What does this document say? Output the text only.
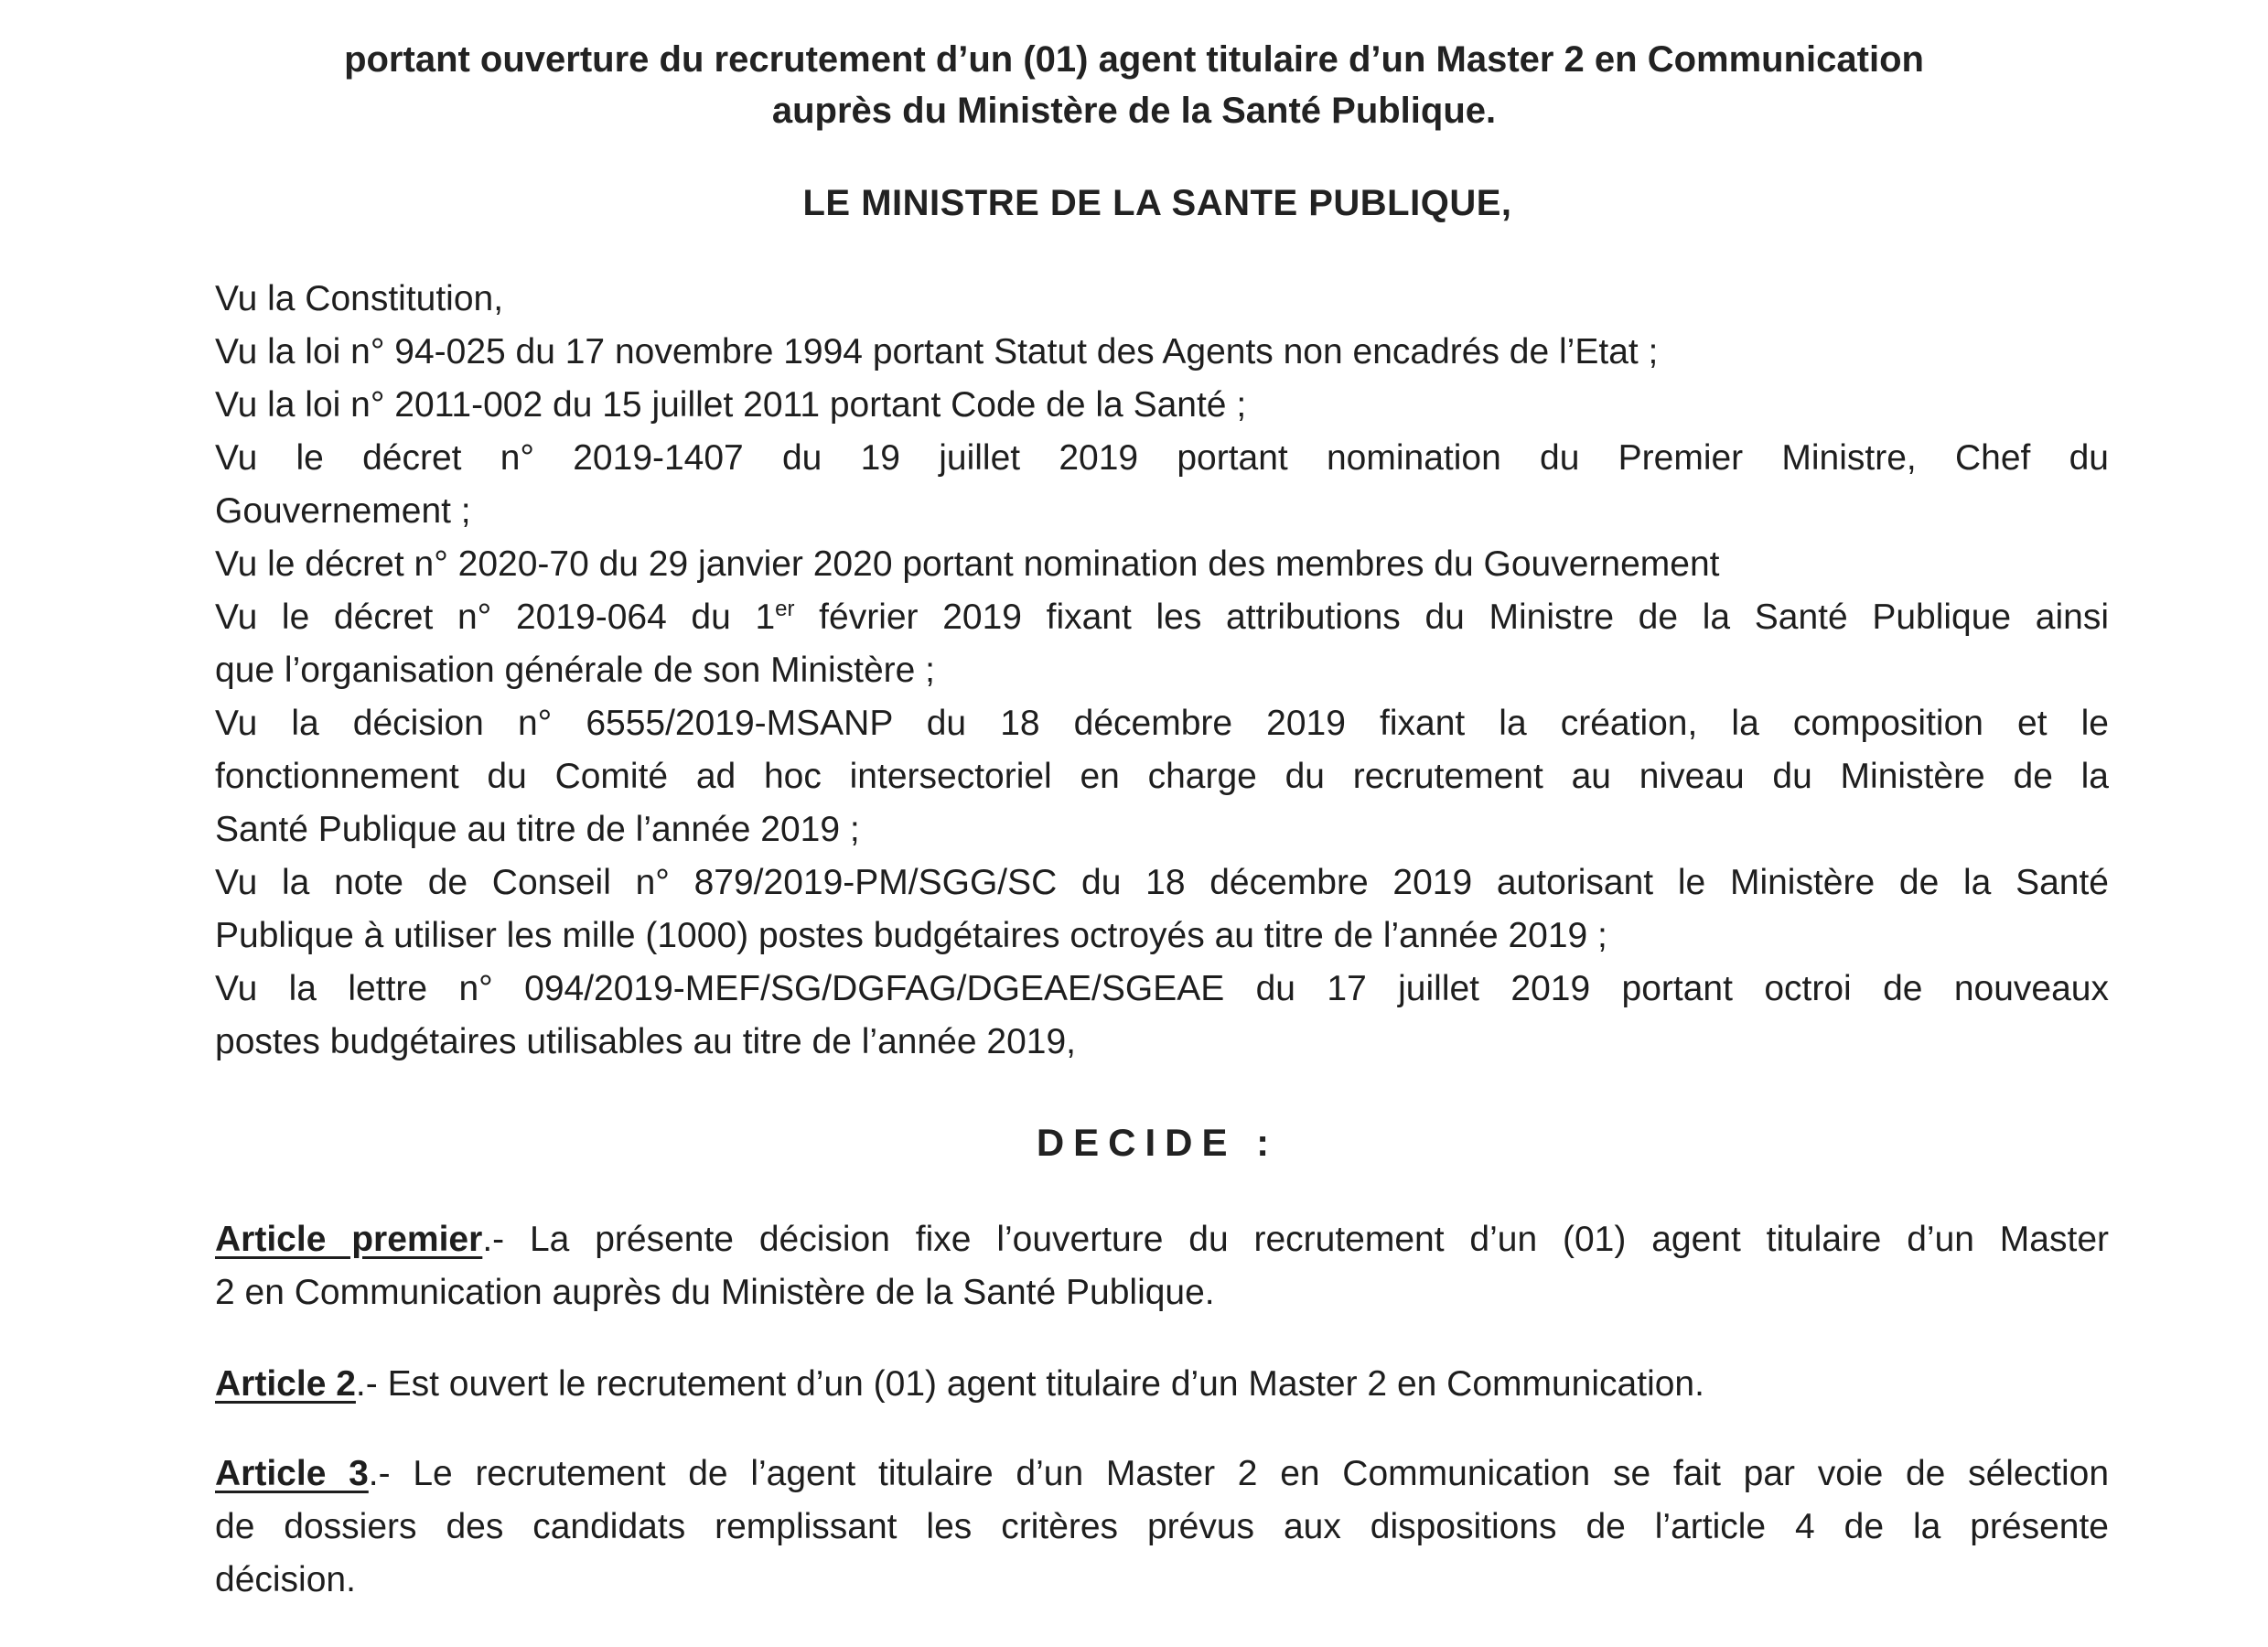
portant ouverture du recrutement d’un (01) agent titulaire d’un Master 2 en Communication
auprès du Ministère de la Santé Publique.
LE MINISTRE DE LA SANTE PUBLIQUE,
Vu la Constitution,
Vu la loi n° 94-025 du 17 novembre 1994 portant Statut des Agents non encadrés de l’Etat ;
Vu la loi n° 2011-002 du 15 juillet 2011 portant Code de la Santé ;
Vu le décret n° 2019-1407 du 19 juillet 2019 portant nomination du Premier Ministre, Chef du
Gouvernement ;
Vu le décret n° 2020-70 du 29 janvier 2020 portant nomination des membres du Gouvernement
Vu le décret n° 2019-064 du 1er février 2019 fixant les attributions du Ministre de la Santé Publique ainsi
que l’organisation générale de son Ministère ;
Vu la décision n° 6555/2019-MSANP du 18 décembre 2019 fixant la création, la composition et le
fonctionnement du Comité ad hoc intersectoriel en charge du recrutement au niveau du Ministère de la
Santé Publique au titre de l’année 2019 ;
Vu la note de Conseil n° 879/2019-PM/SGG/SC du 18 décembre 2019 autorisant le Ministère de la Santé
Publique à utiliser les mille (1000) postes budgétaires octroyés au titre de l’année 2019 ;
Vu la lettre n° 094/2019-MEF/SG/DGFAG/DGEAE/SGEAE du 17 juillet 2019 portant octroi de nouveaux
postes budgétaires utilisables au titre de l’année 2019,
DECIDE :
Article premier.- La présente décision fixe l’ouverture du recrutement d’un (01) agent titulaire d’un Master
2 en Communication auprès du Ministère de la Santé Publique.
Article 2.- Est ouvert le recrutement d’un (01) agent titulaire d’un Master 2 en Communication.
Article 3.- Le recrutement de l’agent titulaire d’un Master 2 en Communication se fait par voie de sélection
de dossiers des candidats remplissant les critères prévus aux dispositions de l’article 4 de la présente
décision.
